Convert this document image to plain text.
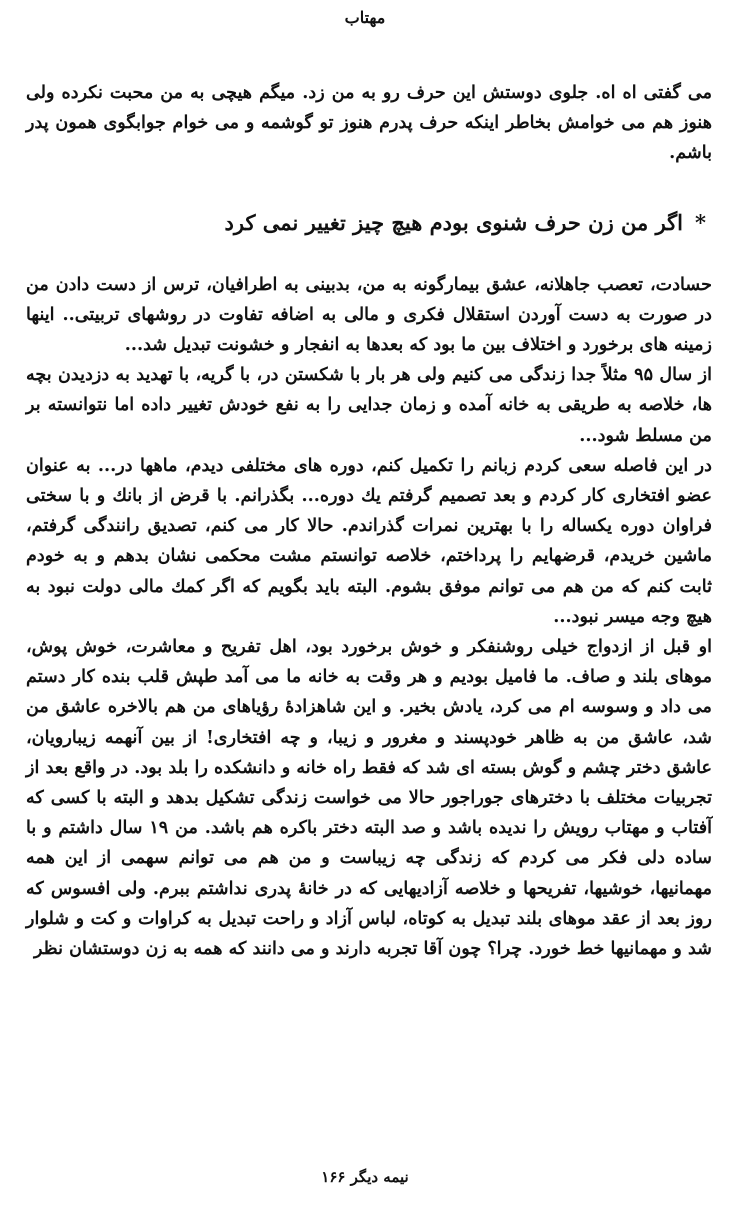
مهتاب

می گفتی اه اه. جلوی دوستش این حرف رو به من زد. میگم هیچی به من محبت نکرده ولی هنوز هم می خوامش بخاطر اینکه حرف پدرم هنوز تو گوشمه و می خوام جوابگوی همون پدر باشم.

*اگر من زن حرف شنوی بودم هیچ چیز تغییر نمی کرد

حسادت، تعصب جاهلانه، عشق بیمارگونه به من، بدبینی به اطرافیان، ترس از دست دادن من در صورت به دست آوردن استقلال فکری و مالی به اضافه تفاوت در روشهای تربیتی.. اینها زمینه های برخورد و اختلاف بین ما بود که بعدها به انفجار و خشونت تبدیل شد...

از سال ۹۵ مثلاً جدا زندگی می کنیم ولی هر بار با شکستن در، با گریه، با تهدید به دزدیدن بچه ها، خلاصه به طریقی به خانه آمده و زمان جدایی را به نفع خودش تغییر داده اما نتوانسته بر من مسلط شود...

در این فاصله سعی کردم زبانم را تکمیل کنم، دوره های مختلفی دیدم، ماهها در... به عنوان عضو افتخاری کار کردم و بعد تصمیم گرفتم یك دوره... بگذرانم. با قرض از بانك و با سختی فراوان دوره یکساله را با بهترین نمرات گذراندم. حالا کار می کنم، تصدیق رانندگی گرفتم، ماشین خریدم، قرضهایم را پرداختم، خلاصه توانستم مشت محکمی نشان بدهم و به خودم ثابت کنم که من هم می توانم موفق بشوم. البته باید بگویم که اگر کمك مالی دولت نبود به هیچ وجه میسر نبود...

او قبل از ازدواج خیلی روشنفکر و خوش برخورد بود، اهل تفریح و معاشرت، خوش پوش، موهای بلند و صاف. ما فامیل بودیم و هر وقت به خانه ما می آمد طپش قلب بنده کار دستم می داد و وسوسه ام می کرد، یادش بخیر. و این شاهزادهٔ رؤیاهای من هم بالاخره عاشق من شد، عاشق من به ظاهر خودپسند و مغرور و زیبا، و چه افتخاری! از بین آنهمه زیبارویان، عاشق دختر چشم و گوش بسته ای شد که فقط راه خانه و دانشکده را بلد بود. در واقع بعد از تجربیات مختلف با دخترهای جوراجور حالا می خواست زندگی تشکیل بدهد و البته با کسی که آفتاب و مهتاب رویش را ندیده باشد و صد البته دختر باکره هم باشد. من ۱۹ سال داشتم و با ساده دلی فکر می کردم که زندگی چه زیباست و من هم می توانم سهمی از این همه مهمانیها، خوشیها، تفریحها و خلاصه آزادیهایی که در خانهٔ پدری نداشتم ببرم. ولی افسوس که روز بعد از عقد موهای بلند تبدیل به کوتاه، لباس آزاد و راحت تبدیل به کراوات و کت و شلوار شد و مهمانیها خط خورد. چرا؟ چون آقا تجربه دارند و می دانند که همه به زن دوستشان نظر

نیمه دیگر ۱۶۶
